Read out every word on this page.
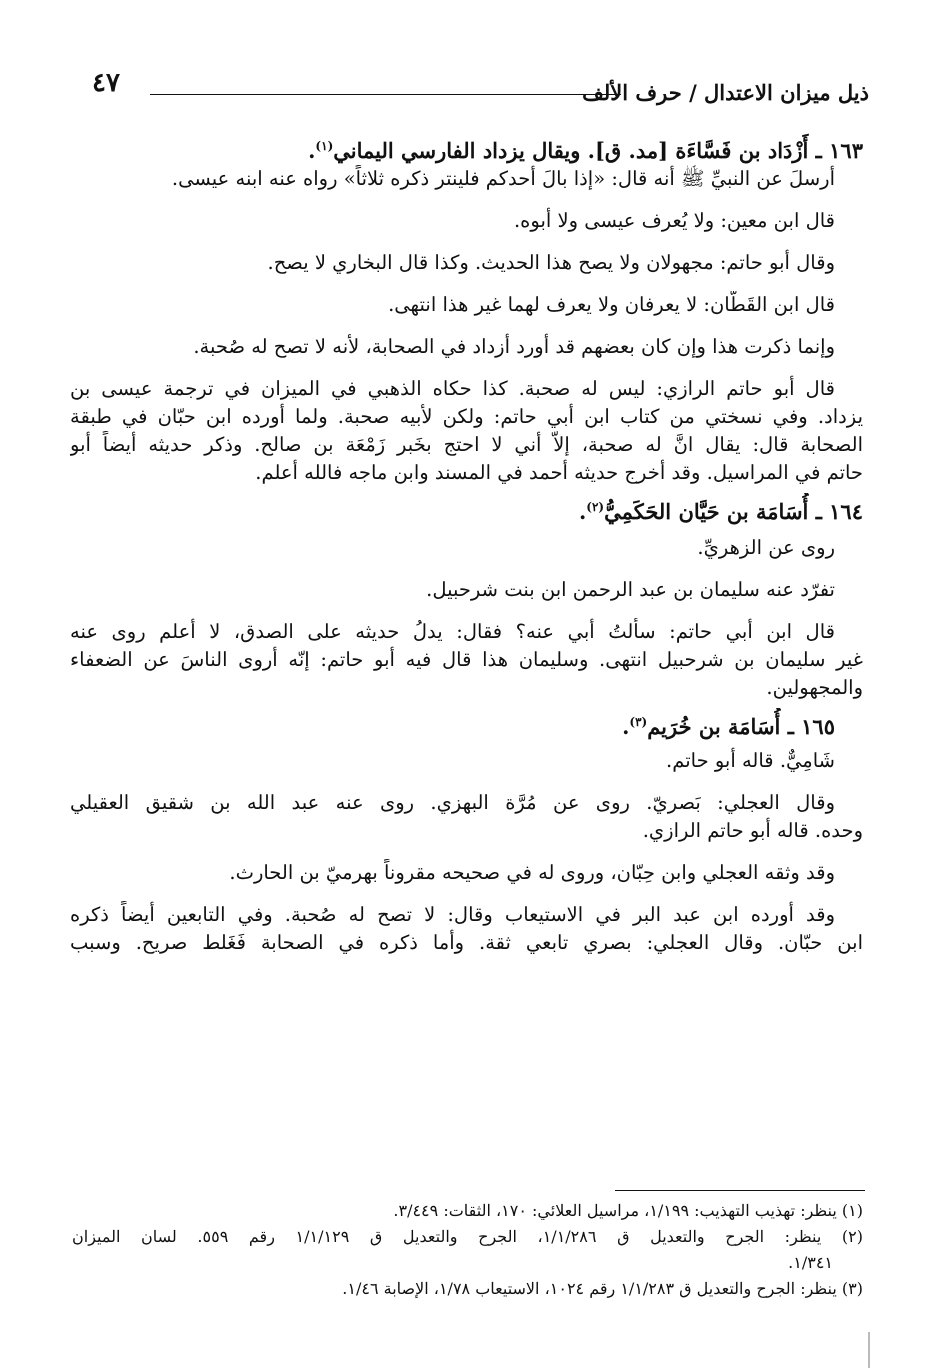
ذيل ميزان الاعتدال / حرف الألف
٤٧
١٦٣ ـ أَزْدَاد بن فَسَّاءَة [مد. ق]. ويقال يزداد الفارسي اليماني$^{(١)}$.
أرسلَ عن النبيِّ ﷺ أنه قال: «إذا بالَ أحدكم فلينتر ذكره ثلاثاً» رواه عنه ابنه عيسى.
قال ابن معين: ولا يُعرف عيسى ولا أبوه.
وقال أبو حاتم: مجهولان ولا يصح هذا الحديث. وكذا قال البخاري لا يصح.
قال ابن القَطّان: لا يعرفان ولا يعرف لهما غير هذا انتهى.
وإنما ذكرت هذا وإن كان بعضهم قد أورد أزداد في الصحابة، لأنه لا تصح له صُحبة.
قال أبو حاتم الرازي: ليس له صحبة. كذا حكاه الذهبي في الميزان في ترجمة عيسى بن
يزداد. وفي نسختي من كتاب ابن أبي حاتم: ولكن لأبيه صحبة. ولما أورده ابن حبّان في طبقة
الصحابة قال: يقال انَّ له صحبة، إلاّ أني لا احتج بخَبر زَمْعَة بن صالح. وذكر حديثه أيضاً أبو
حاتم في المراسيل. وقد أخرج حديثه أحمد في المسند وابن ماجه فالله أعلم.
١٦٤ ـ أُسَامَة بن حَيَّان الحَكَمِيُّ$^{(٢)}$.
روى عن الزهريِّ.
تفرّد عنه سليمان بن عبد الرحمن ابن بنت شرحبيل.
قال ابن أبي حاتم: سألتُ أبي عنه؟ فقال: يدلُ حديثه على الصدق، لا أعلم روى عنه
غير سليمان بن شرحبيل انتهى. وسليمان هذا قال فيه أبو حاتم: إنّه أروى الناسَ عن الضعفاء
والمجهولين.
١٦٥ ـ أُسَامَة بن خُرَيم$^{(٣)}$.
شَامِيٌّ. قاله أبو حاتم.
وقال العجلي: بَصريّ. روى عن مُرَّة البهزي. روى عنه عبد الله بن شقيق العقيلي
وحده. قاله أبو حاتم الرازي.
وقد وثقه العجلي وابن حِبّان، وروى له في صحيحه مقروناً بهرميّ بن الحارث.
وقد أورده ابن عبد البر في الاستيعاب وقال: لا تصح له صُحبة. وفي التابعين أيضاً ذكره
ابن حبّان. وقال العجلي: بصري تابعي ثقة. وأما ذكره في الصحابة فَغَلط صريح. وسبب
(١) ينظر: تهذيب التهذيب: ١/١٩٩، مراسيل العلائي: ١٧٠، الثقات: ٣/٤٤٩.
(٢) ينظر: الجرح والتعديل ق ١/١/٢٨٦، الجرح والتعديل ق ١/١/١٢٩ رقم ٥٥٩. لسان الميزان
١/٣٤١.
(٣) ينظر: الجرح والتعديل ق ١/١/٢٨٣ رقم ١٠٢٤، الاستيعاب ١/٧٨، الإصابة ١/٤٦.
